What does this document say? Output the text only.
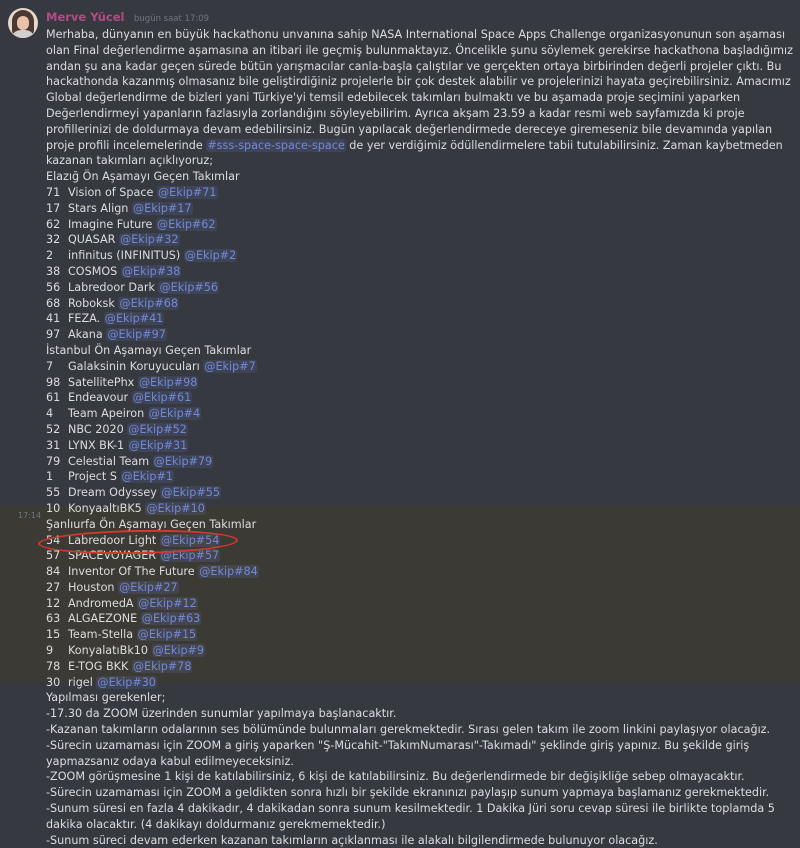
17:14
Merve Yücel bugün saat 17:09

Merhaba, dünyanın en büyük hackathonu unvanına sahip NASA International Space Apps Challenge organizasyonunun son aşaması olan Final değerlendirme aşamasına an itibari ile geçmiş bulunmaktayız. Öncelikle şunu söylemek gerekirse hackathona başladığımız andan şu ana kadar geçen sürede bütün yarışmacılar canla-başla çalıştılar ve gerçekten ortaya birbirinden değerli projeler çıktı. Bu hackathonda kazanmış olmasanız bile geliştirdiğiniz projelerle bir çok destek alabilir ve projelerinizi hayata geçirebilirsiniz. Amacımız Global değerlendirme de bizleri yani Türkiye'yi temsil edebilecek takımları bulmaktı ve bu aşamada proje seçimini yaparken Değerlendirmeyi yapanların fazlasıyla zorlandığını söyleyebilirim. Ayrıca akşam 23.59 a kadar resmi web sayfamızda ki proje profillerinizi de doldurmaya devam edebilirsiniz. Bugün yapılacak değerlendirmede dereceye giremeseniz bile devamında yapılan proje profili incelemelerinde #sss-space-space-space de yer verdiğimiz ödüllendirmelere tabii tutulabilirsiniz. Zaman kaybetmeden kazanan takımları açıklıyoruz;

Elazığ Ön Aşamayı Geçen Takımlar

71 Vision of Space @Ekip#71

17 Stars Align @Ekip#17

62 Imagine Future @Ekip#62

32 QUASAR @Ekip#32

2 infinitus (INFINITUS) @Ekip#2

38 COSMOS @Ekip#38

56 Labredoor Dark @Ekip#56

68 Roboksk @Ekip#68

41 FEZA. @Ekip#41

97 Akana @Ekip#97

İstanbul Ön Aşamayı Geçen Takımlar

7 Galaksinin Koruyucuları @Ekip#7

98 SatellitePhx @Ekip#98

61 Endeavour @Ekip#61

4 Team Apeiron @Ekip#4

52 NBC 2020 @Ekip#52

31 LYNX BK-1 @Ekip#31

79 Celestial Team @Ekip#79

1 Project S @Ekip#1

55 Dream Odyssey @Ekip#55

10 KonyaaltıBK5 @Ekip#10

Şanlıurfa Ön Aşamayı Geçen Takımlar

54 Labredoor Light @Ekip#54

57 SPACEVOYAGER @Ekip#57

84 Inventor Of The Future @Ekip#84

27 Houston @Ekip#27

12 AndromedA @Ekip#12

63 ALGAEZONE @Ekip#63

15 Team-Stella @Ekip#15

9 KonyalatıBk10 @Ekip#9

78 E-TOG BKK @Ekip#78

30 rigel @Ekip#30

Yapılması gerekenler;

-17.30 da ZOOM üzerinden sunumlar yapılmaya başlanacaktır.

-Kazanan takımların odalarının ses bölümünde bulunmaları gerekmektedir. Sırası gelen takım ile zoom linkini paylaşıyor olacağız.

-Sürecin uzamaması için ZOOM a giriş yaparken "Ş-Mücahit-"TakımNumarası"-Takımadı" şeklinde giriş yapınız. Bu şekilde giriş yapmazsanız odaya kabul edilmeyeceksiniz.

-ZOOM görüşmesine 1 kişi de katılabilirsiniz, 6 kişi de katılabilirsiniz. Bu değerlendirmede bir değişikliğe sebep olmayacaktır.

-Sürecin uzamaması için ZOOM a geldikten sonra hızlı bir şekilde ekranınızı paylaşıp sunum yapmaya başlamanız gerekmektedir.

-Sunum süresi en fazla 4 dakikadır, 4 dakikadan sonra sunum kesilmektedir. 1 Dakika Jüri soru cevap süresi ile birlikte toplamda 5 dakika olacaktır. (4 dakikayı doldurmanız gerekmemektedir.)

-Sunum süreci devam ederken kazanan takımların açıklanması ile alakalı bilgilendirmede bulunuyor olacağız.
